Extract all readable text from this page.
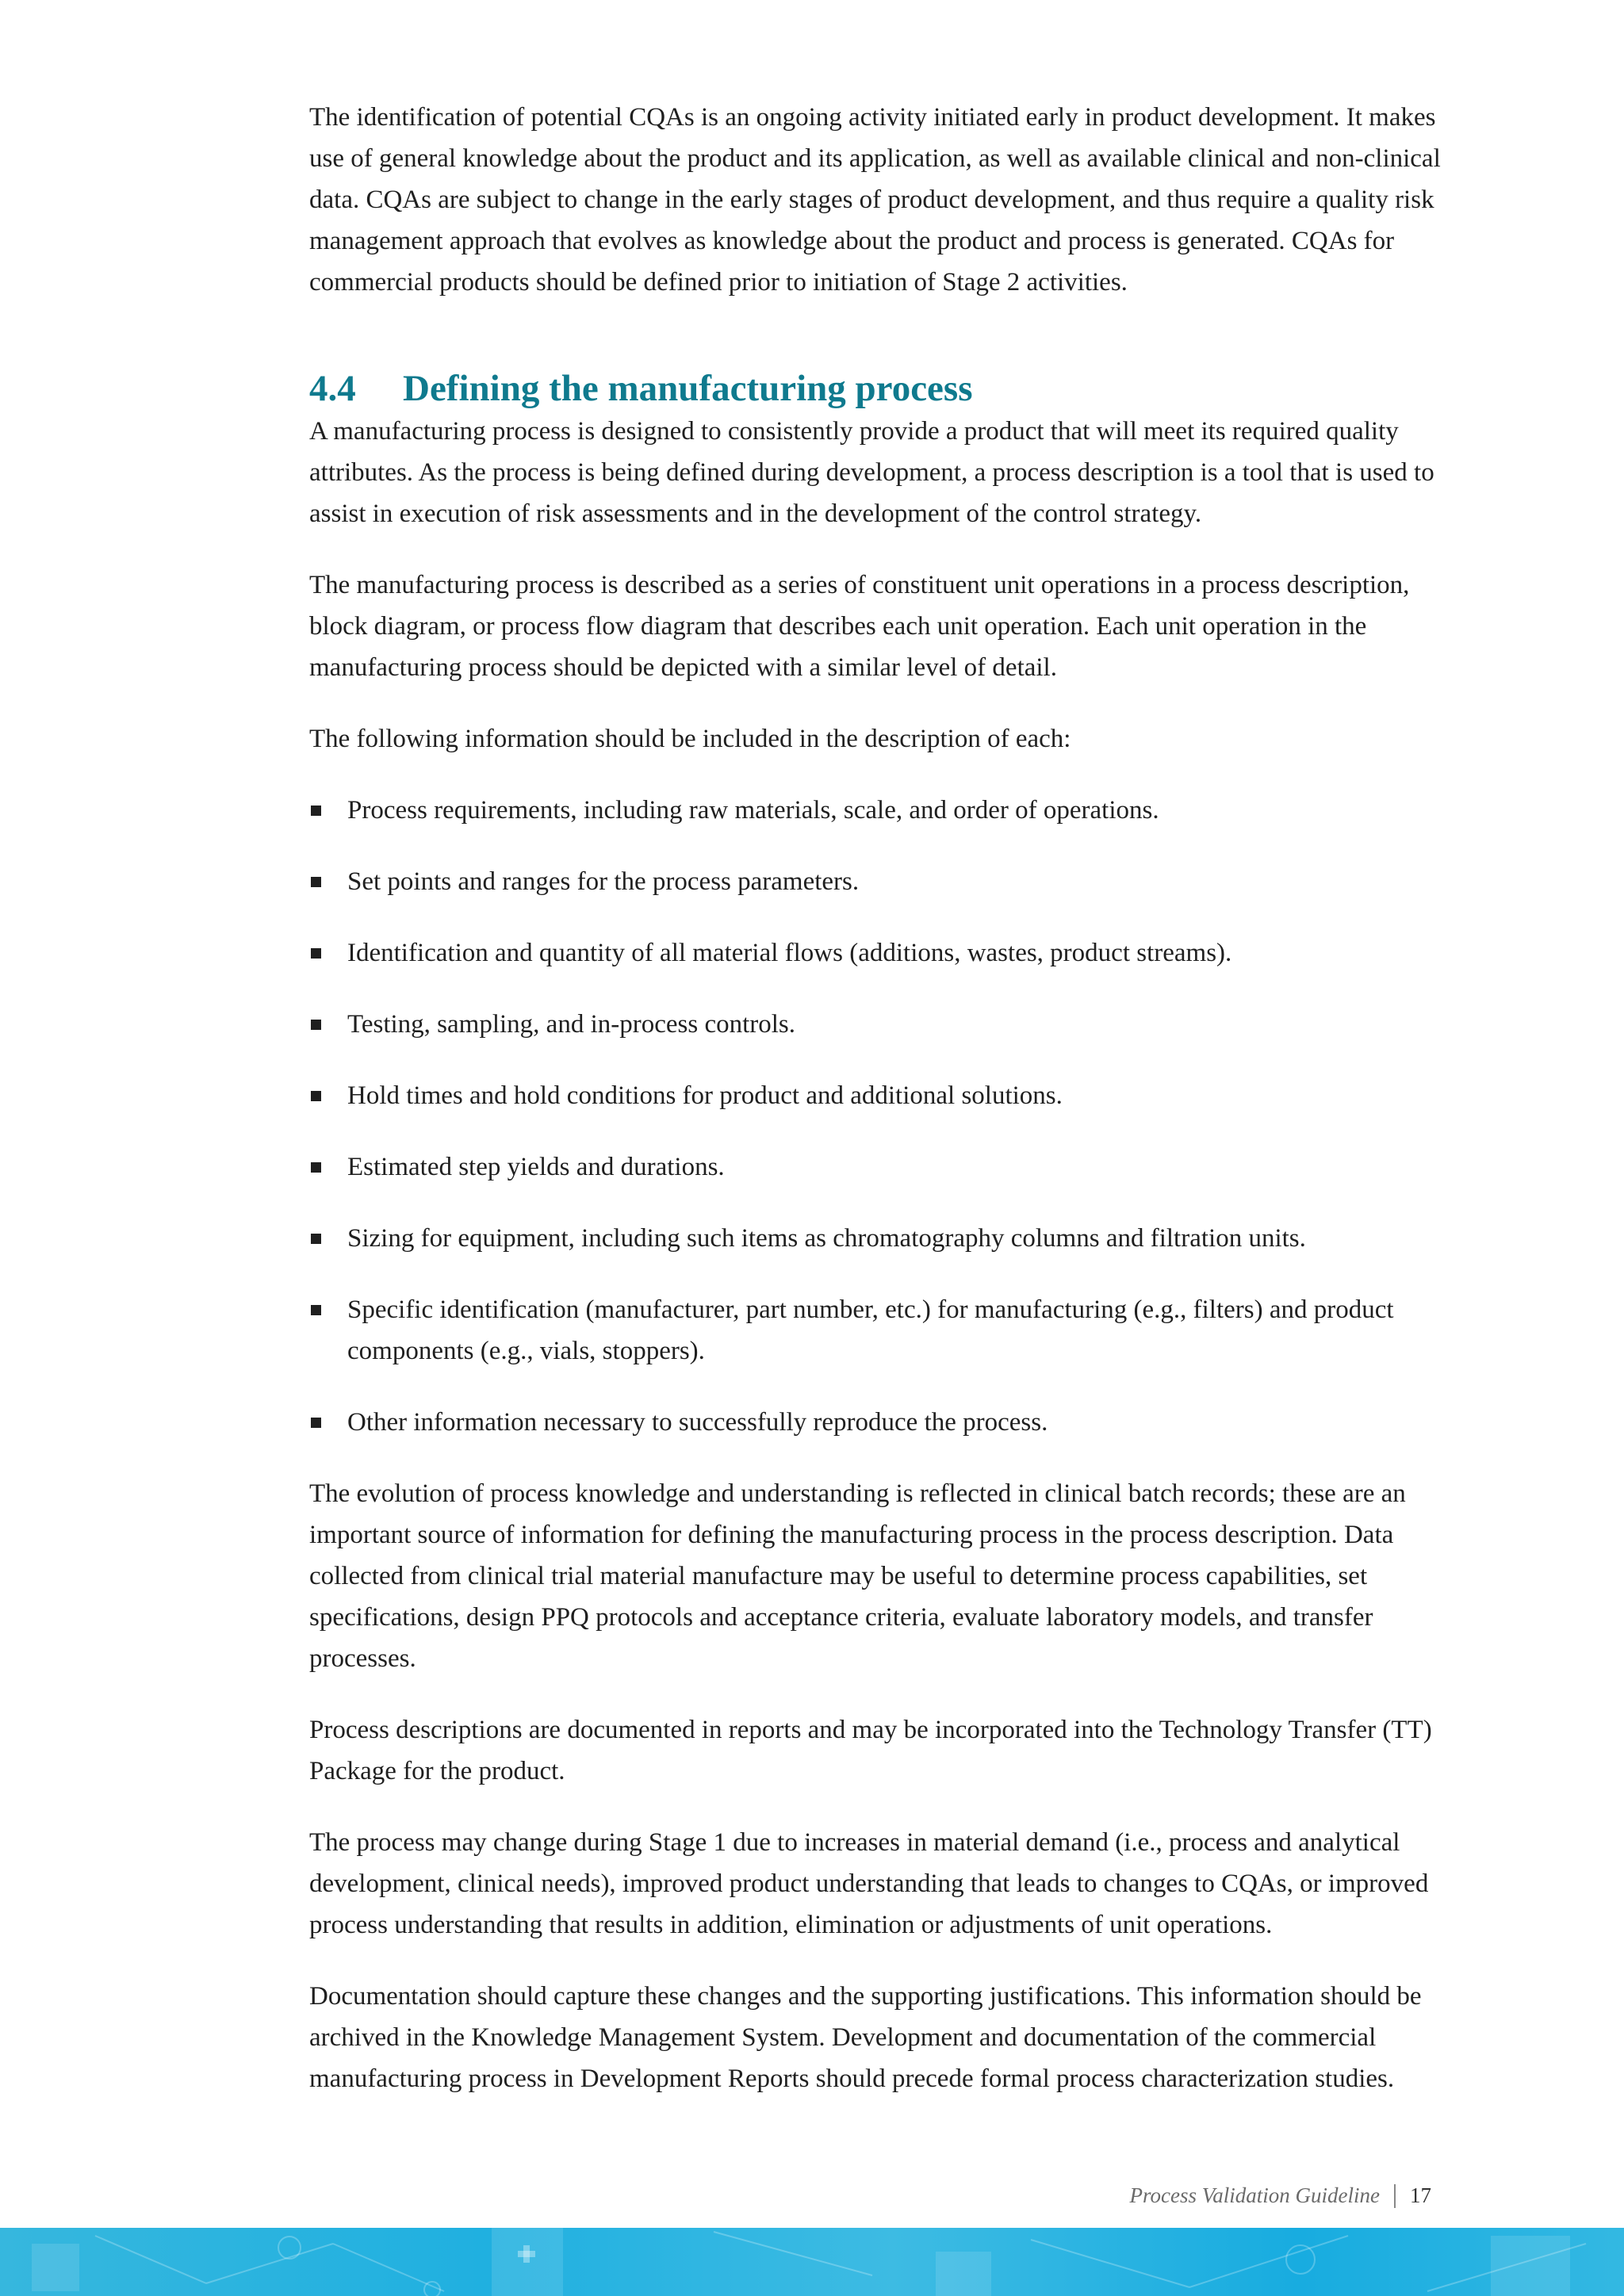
The identification of potential CQAs is an ongoing activity initiated early in product development. It makes use of general knowledge about the product and its application, as well as available clinical and non-clinical data. CQAs are subject to change in the early stages of product development, and thus require a quality risk management approach that evolves as knowledge about the product and process is generated. CQAs for commercial products should be defined prior to initiation of Stage 2 activities.

4.4	Defining the manufacturing process

A manufacturing process is designed to consistently provide a product that will meet its required quality attributes. As the process is being defined during development, a process description is a tool that is used to assist in execution of risk assessments and in the development of the control strategy.

The manufacturing process is described as a series of constituent unit operations in a process description, block diagram, or process flow diagram that describes each unit operation. Each unit operation in the manufacturing process should be depicted with a similar level of detail.

The following information should be included in the description of each:

Process requirements, including raw materials, scale, and order of operations.
Set points and ranges for the process parameters.
Identification and quantity of all material flows (additions, wastes, product streams).
Testing, sampling, and in-process controls.
Hold times and hold conditions for product and additional solutions.
Estimated step yields and durations.
Sizing for equipment, including such items as chromatography columns and filtration units.
Specific identification (manufacturer, part number, etc.) for manufacturing (e.g., filters) and product components (e.g., vials, stoppers).
Other information necessary to successfully reproduce the process.

The evolution of process knowledge and understanding is reflected in clinical batch records; these are an important source of information for defining the manufacturing process in the process description. Data collected from clinical trial material manufacture may be useful to determine process capabilities, set specifications, design PPQ protocols and acceptance criteria, evaluate laboratory models, and transfer processes.

Process descriptions are documented in reports and may be incorporated into the Technology Transfer (TT) Package for the product.

The process may change during Stage 1 due to increases in material demand (i.e., process and analytical development, clinical needs), improved product understanding that leads to changes to CQAs, or improved process understanding that results in addition, elimination or adjustments of unit operations.

Documentation should capture these changes and the supporting justifications. This information should be archived in the Knowledge Management System. Development and documentation of the commercial manufacturing process in Development Reports should precede formal process characterization studies.

Process Validation Guideline 17
